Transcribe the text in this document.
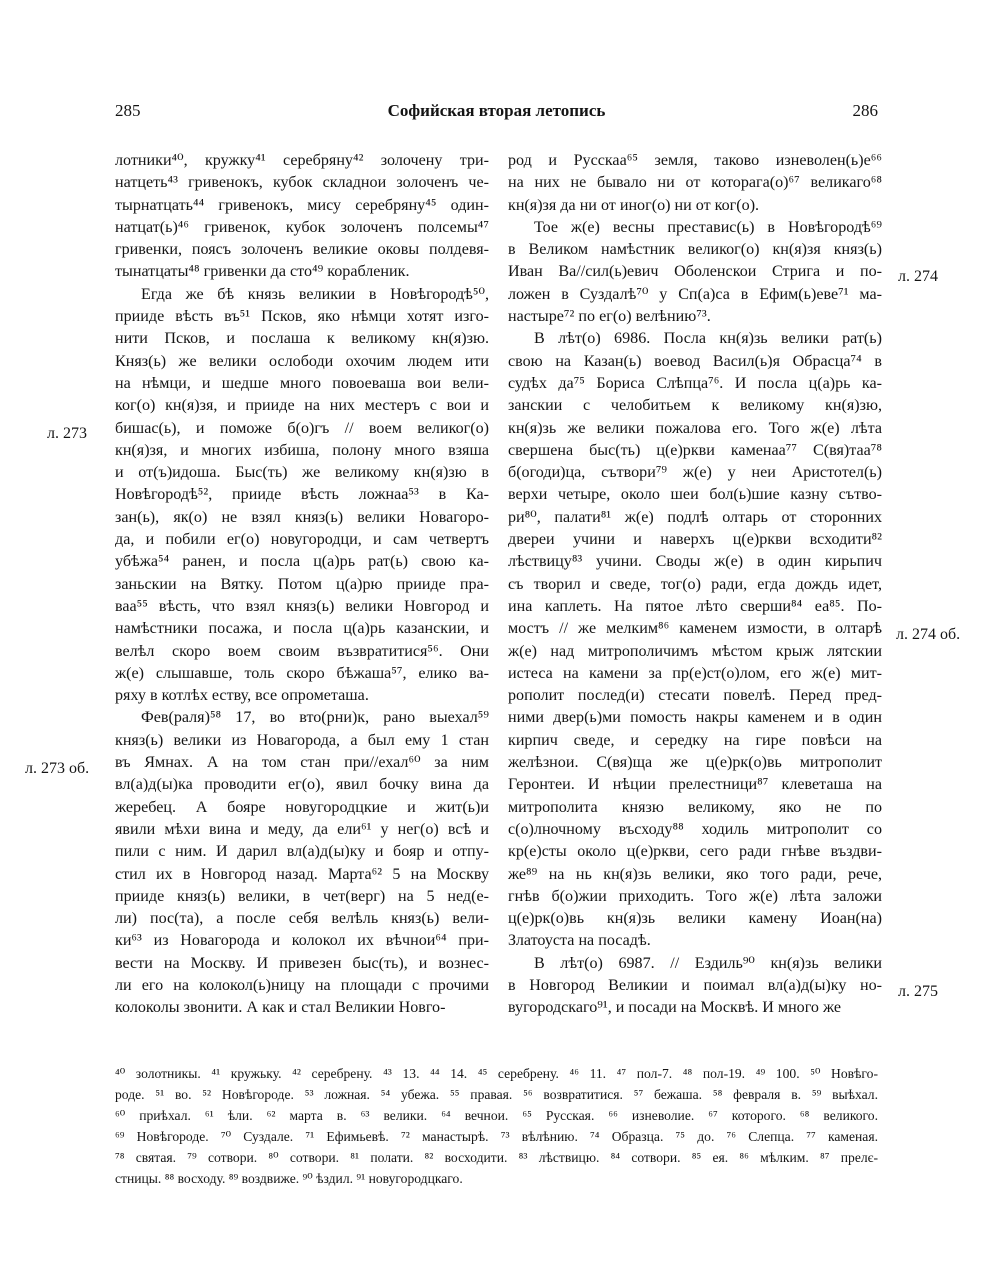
285	Софийская вторая летопись	286
лотники⁴⁰, кружку⁴¹ серебряну⁴² золочену три-
натцеть⁴³ гривенокъ, кубок складнои золоченъ че-
тырнатцать⁴⁴ гривенокъ, мису серебряну⁴⁵ один-
натцат(ь)⁴⁶ гривенок, кубок золоченъ полсемы⁴⁷
гривенки, поясъ золоченъ великие оковы полдевя-
тынатцаты⁴⁸ гривенки да сто⁴⁹ корабленик.
Егда же бѣ князь великии в Новѣгородѣ⁵⁰,
прииде вѣсть въ⁵¹ Псков, яко нѣмци хотят изго-
нити Псков, и послаша к великому кн(я)зю.
Княз(ь) же велики ослободи охочим людем ити
на нѣмци, и шедше много повоеваша вои вели-
ког(о) кн(я)зя, и прииде на них местеръ с вои и
бишас(ь), и поможе б(о)гъ // воем великог(о)
кн(я)зя, и многих избиша, полону много взяша
и от(ъ)идоша. Быс(ть) же великому кн(я)зю в
Новѣгородѣ⁵², прииде вѣсть ложнаа⁵³ в Ка-
зан(ь), як(о) не взял княз(ь) велики Новагоро-
да, и побили ег(о) новугородци, и сам четвертъ
убѣжа⁵⁴ ранен, и посла ц(а)рь рат(ь) свою ка-
заньскии на Вятку. Потом ц(а)рю прииде пра-
ваа⁵⁵ вѣсть, что взял княз(ь) велики Новгород и
намѣстники посажа, и посла ц(а)рь казанскии, и
велѣл скоро воем своим възвратитися⁵⁶. Они
ж(е) слышавше, толь скоро бѣжаша⁵⁷, елико ва-
ряху в котлѣх еству, все опрометаша.
Фев(раля)⁵⁸ 17, во вто(рни)к, рано выехал⁵⁹
княз(ь) велики из Новагорода, а был ему 1 стан
въ Ямнах. А на том стан при//ехал⁶⁰ за ним
вл(а)д(ы)ка проводити ег(о), явил бочку вина да
жеребец. А бояре новугородцкие и жит(ь)и
явили мѣхи вина и меду, да ели⁶¹ у нег(о) всѣ и
пили с ним. И дарил вл(а)д(ы)ку и бояр и отпу-
стил их в Новгород назад. Марта⁶² 5 на Москву
прииде княз(ь) велики, в чет(верг) на 5 нед(е-
ли) пос(та), а после себя велѣль княз(ь) вели-
ки⁶³ из Новагорода и колокол их вѣчнои⁶⁴ при-
вести на Москву. И привезен быс(ть), и вознес-
ли его на колокол(ь)ницу на площади с прочими
колоколы звонити. А как и стал Великии Новго-
род и Русскаа⁶⁵ земля, таково изневолен(ь)е⁶⁶
на них не бывало ни от которага(о)⁶⁷ великаго⁶⁸
кн(я)зя да ни от иног(о) ни от ког(о).
Тое ж(е) весны преставис(ь) в Новѣгородѣ⁶⁹
в Великом намѣстник великог(о) кн(я)зя княз(ь)
Иван Ва//сил(ь)евич Оболенскои Стрига и по-
ложен в Суздалѣ⁷⁰ у Сп(а)са в Ефим(ь)еве⁷¹ ма-
настыре⁷² по ег(о) велѣнию⁷³.
В лѣт(о) 6986. Посла кн(я)зь велики рат(ь)
свою на Казан(ь) воевод Васил(ь)я Обрасца⁷⁴ в
судѣх да⁷⁵ Бориса Слѣпца⁷⁶. И посла ц(а)рь ка-
занскии с челобитьем к великому кн(я)зю,
кн(я)зь же велики пожалова его. Того ж(е) лѣта
свершена быс(ть) ц(е)ркви каменаа⁷⁷ С(вя)таа⁷⁸
б(огоди)ца, сътвори⁷⁹ ж(е) у неи Аристотел(ь)
верхи четыре, около шеи бол(ь)шие казну сътво-
ри⁸⁰, палати⁸¹ ж(е) подлѣ олтарь от сторонних
двереи учини и наверхъ ц(е)ркви всходити⁸²
лѣствицу⁸³ учини. Своды ж(е) в один кирьпич
съ творил и сведе, тог(о) ради, егда дождь идет,
ина каплеть. На пятое лѣто сверши⁸⁴ еа⁸⁵. По-
мостъ // же мелким⁸⁶ каменем измости, в олтарѣ
ж(е) над митрополичимъ мѣстом крыж лятскии
истеса на камени за пр(е)ст(о)лом, его ж(е) мит-
рополит послед(и) стесати повелѣ. Перед пред-
ними двер(ь)ми помость накры каменем и в один
кирпич сведе, и середку на гире повѣси на
желѣзнои. С(вя)щa же ц(е)рк(о)вь митрополит
Геронтеи. И нѣции прелестници⁸⁷ клеветаша на
митрополита князю великому, яко не по
с(о)лночному въсходу⁸⁸ ходиль митрополит со
кр(е)сты около ц(е)ркви, сего ради гнѣве въздви-
же⁸⁹ на нь кн(я)зь велики, яко того ради, рече,
гнѣв б(о)жии приходить. Того ж(е) лѣта заложи
ц(е)рк(о)вь кн(я)зь велики камену Иоан(на)
Златоуста на посадѣ.
В лѣт(о) 6987. // Ездиль⁹⁰ кн(я)зь велики
в Новгород Великии и поимал вл(а)д(ы)ку но-
вугородскаго⁹¹, и посади на Москвѣ. И много же
л. 273
л. 273 об.
л. 274
л. 274 об.
л. 275
⁴⁰ золотникы. ⁴¹ кружьку. ⁴² серебрену. ⁴³ 13. ⁴⁴ 14. ⁴⁵ серебрену. ⁴⁶ 11. ⁴⁷ пол-7. ⁴⁸ пол-19. ⁴⁹ 100. ⁵⁰ Новѣго-
роде. ⁵¹ во. ⁵² Новѣгороде. ⁵³ ложная. ⁵⁴ убежа. ⁵⁵ правая. ⁵⁶ возвратитися. ⁵⁷ бежаша. ⁵⁸ февраля в. ⁵⁹ выѣхал.
⁶⁰ приѣхал. ⁶¹ ѣли. ⁶² марта в. ⁶³ велики. ⁶⁴ вечнои. ⁶⁵ Русская. ⁶⁶ изневолие. ⁶⁷ которого. ⁶⁸ великого.
⁶⁹ Новѣгороде. ⁷⁰ Суздале. ⁷¹ Ефимьевѣ. ⁷² манастырѣ. ⁷³ вѣлѣнию. ⁷⁴ Образца. ⁷⁵ до. ⁷⁶ Слепца. ⁷⁷ каменая.
⁷⁸ святая. ⁷⁹ сотвори. ⁸⁰ сотвори. ⁸¹ полати. ⁸² восходити. ⁸³ лѣствицю. ⁸⁴ сотвори. ⁸⁵ ея. ⁸⁶ мѣлким. ⁸⁷ прелє-
стницы. ⁸⁸ восходу. ⁸⁹ воздвиже. ⁹⁰ ѣздил. ⁹¹ новугородцкаго.
